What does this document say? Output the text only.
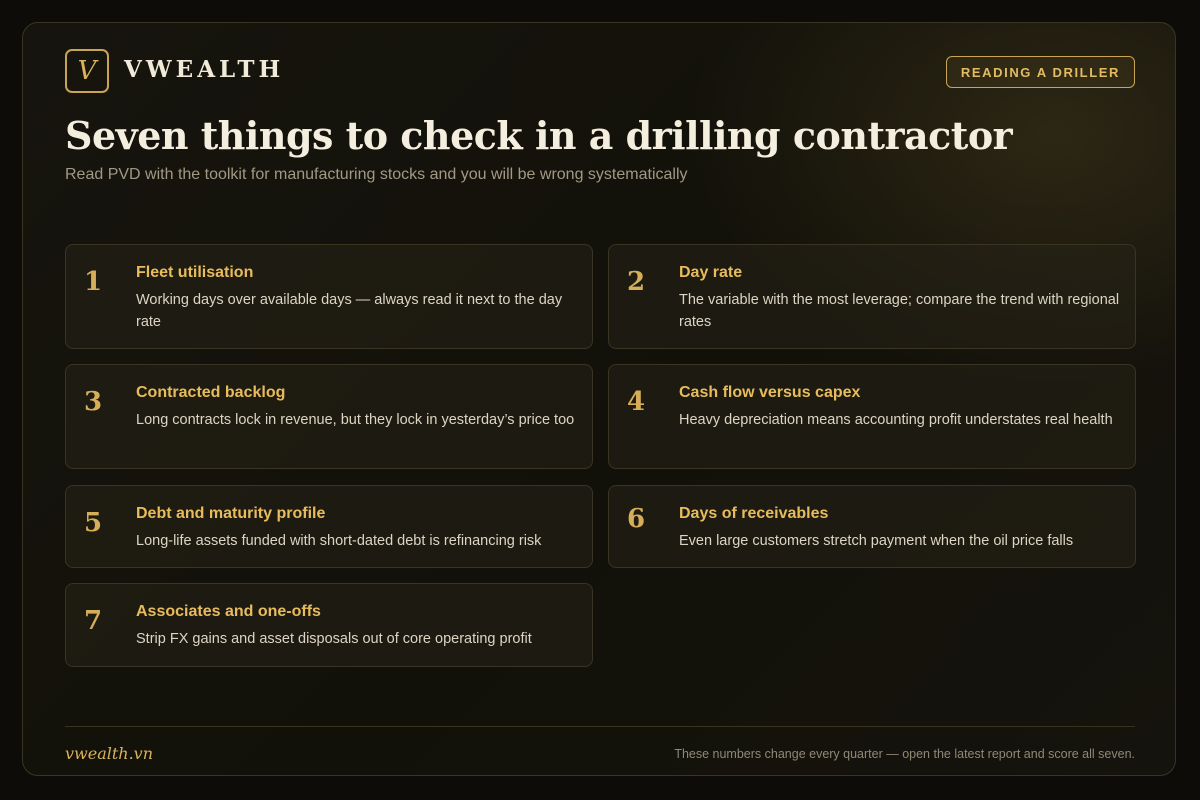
V VWEALTH	READING A DRILLER
Seven things to check in a drilling contractor
Read PVD with the toolkit for manufacturing stocks and you will be wrong systematically
1 Fleet utilisation
Working days over available days — always read it next to the day rate
2 Day rate
The variable with the most leverage; compare the trend with regional rates
3 Contracted backlog
Long contracts lock in revenue, but they lock in yesterday’s price too
4 Cash flow versus capex
Heavy depreciation means accounting profit understates real health
5 Debt and maturity profile
Long-life assets funded with short-dated debt is refinancing risk
6 Days of receivables
Even large customers stretch payment when the oil price falls
7 Associates and one-offs
Strip FX gains and asset disposals out of core operating profit
vwealth.vn	These numbers change every quarter — open the latest report and score all seven.
